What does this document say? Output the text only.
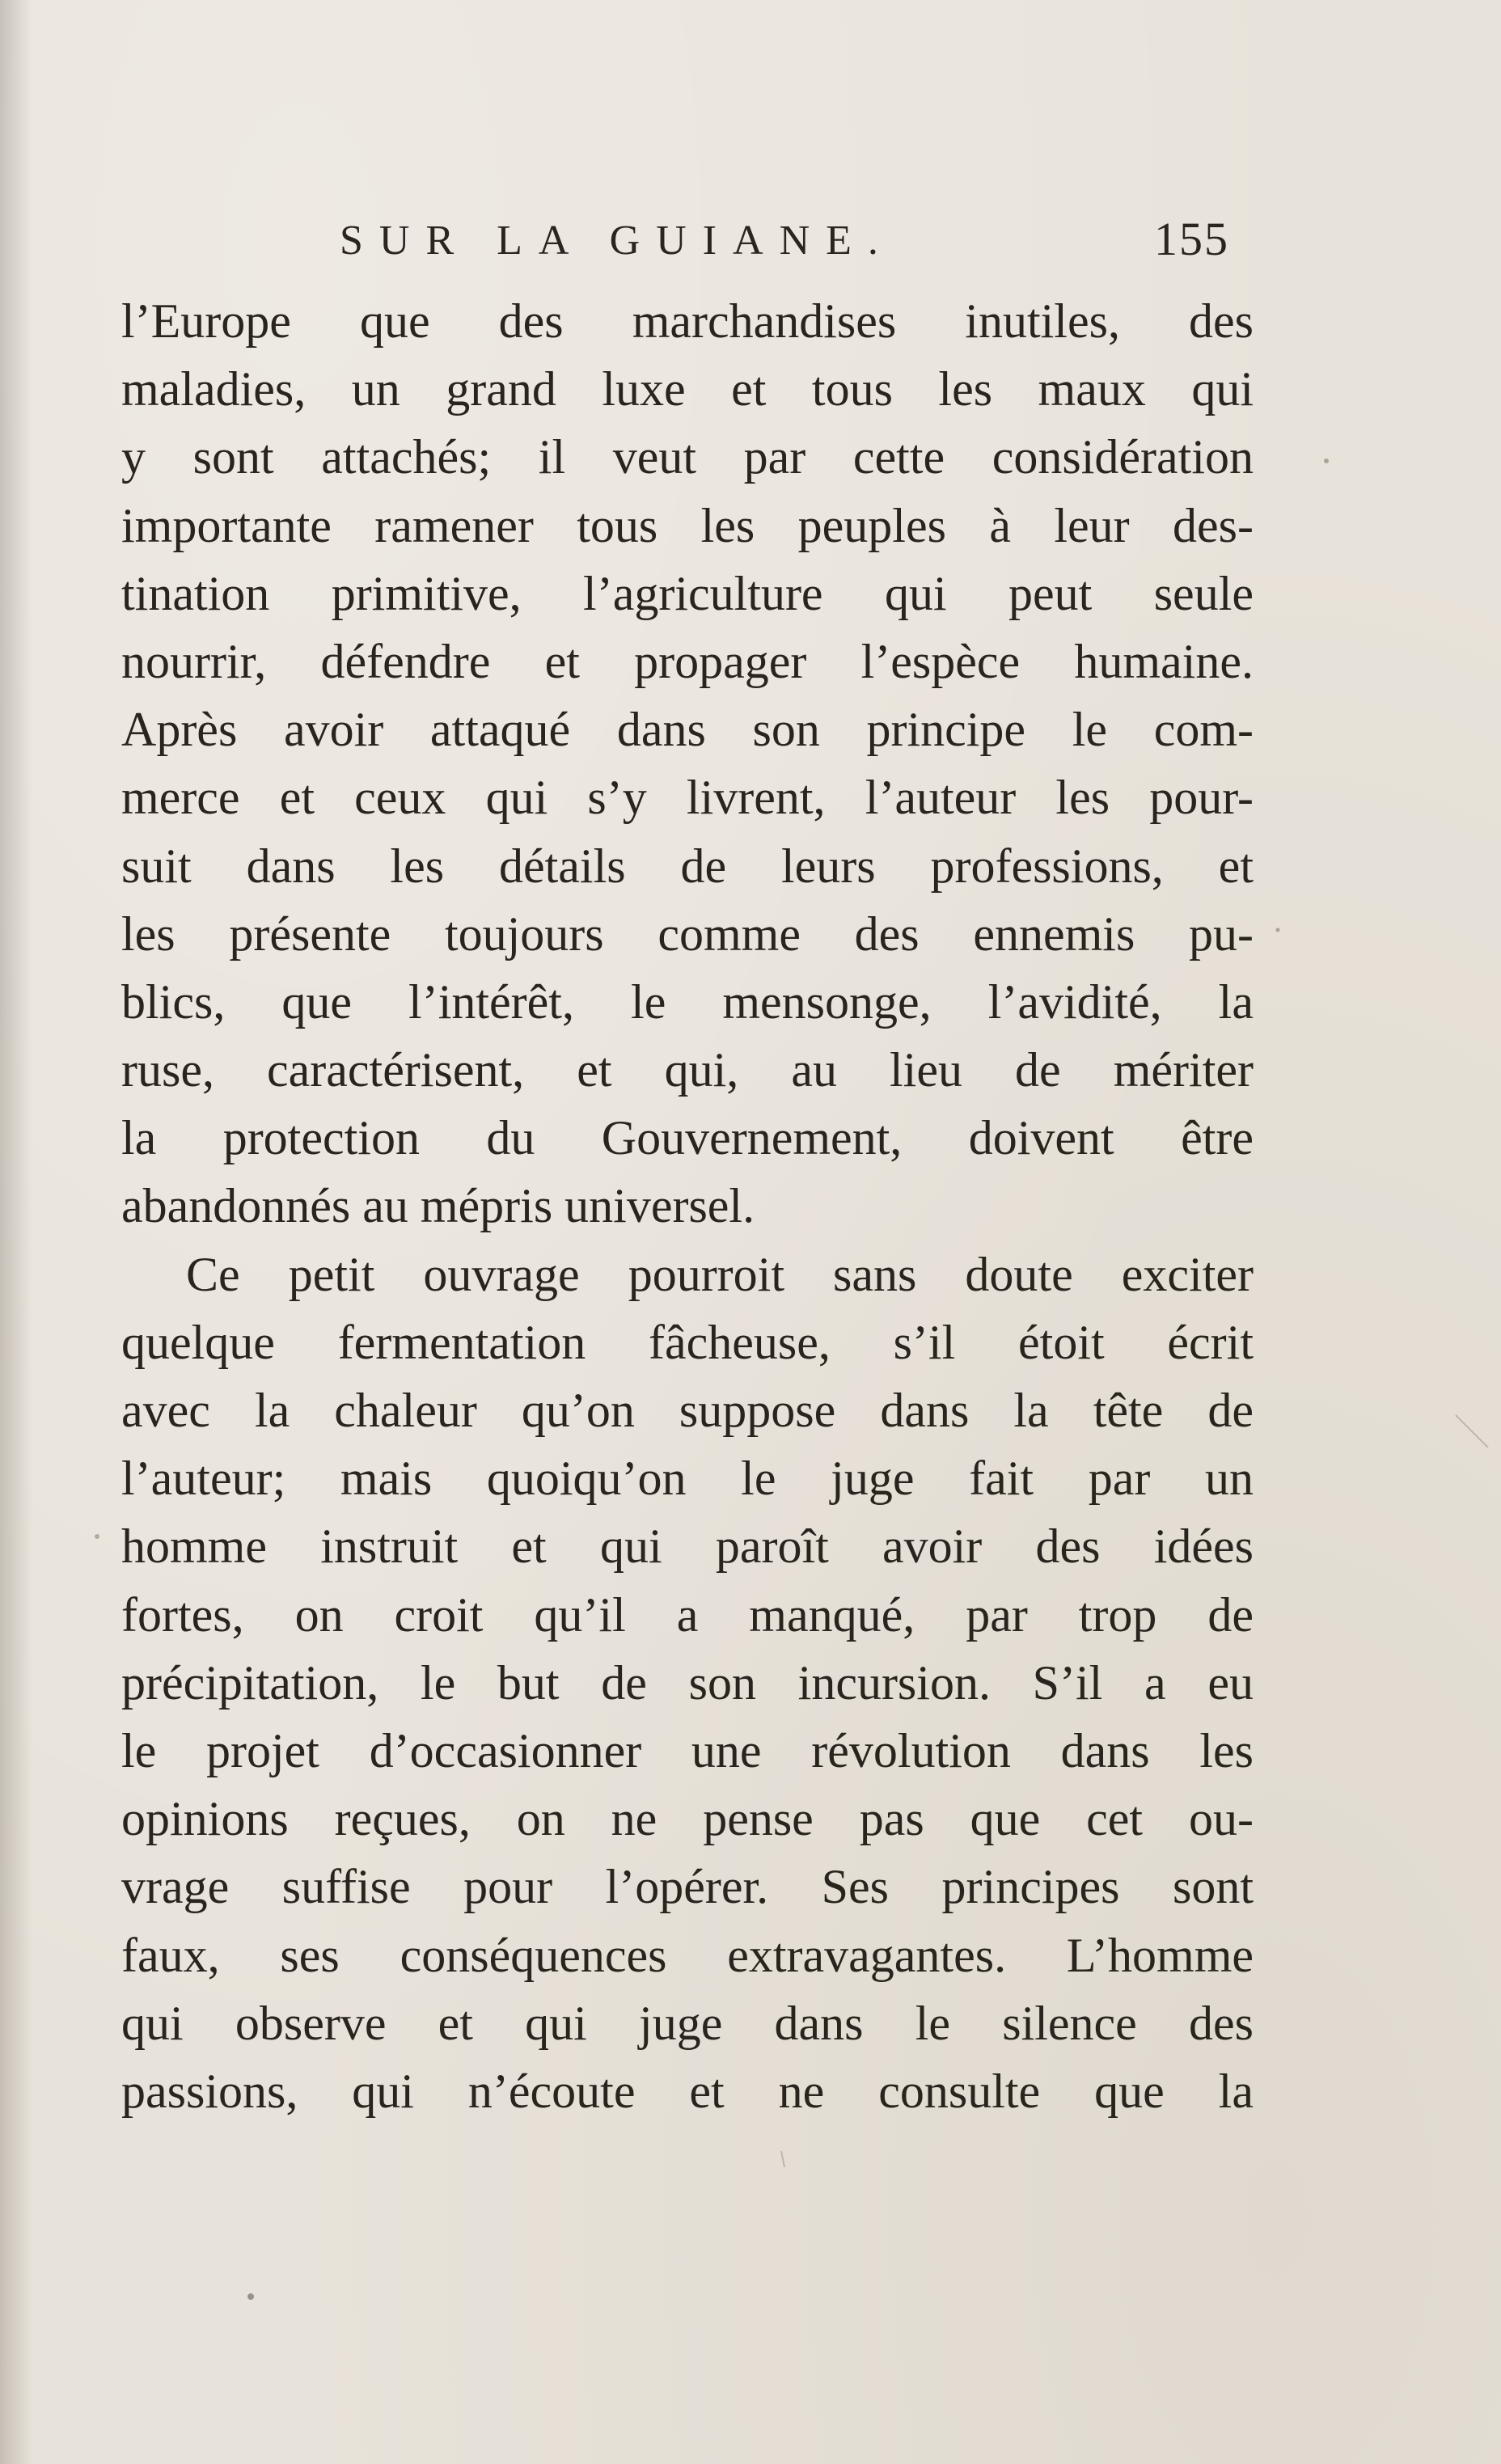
SUR LA GUIANE.	155
l’Europe que des marchandises inutiles, des
maladies, un grand luxe et tous les maux qui
y sont attachés; il veut par cette considération
importante ramener tous les peuples à leur des-
tination primitive, l’agriculture qui peut seule
nourrir, défendre et propager l’espèce humaine.
Après avoir attaqué dans son principe le com-
merce et ceux qui s’y livrent, l’auteur les pour-
suit dans les détails de leurs professions, et
les présente toujours comme des ennemis pu-
blics, que l’intérêt, le mensonge, l’avidité, la
ruse, caractérisent, et qui, au lieu de mériter
la protection du Gouvernement, doivent être
abandonnés au mépris universel.
Ce petit ouvrage pourroit sans doute exciter
quelque fermentation fâcheuse, s’il étoit écrit
avec la chaleur qu’on suppose dans la tête de
l’auteur; mais quoiqu’on le juge fait par un
homme instruit et qui paroît avoir des idées
fortes, on croit qu’il a manqué, par trop de
précipitation, le but de son incursion. S’il a eu
le projet d’occasionner une révolution dans les
opinions reçues, on ne pense pas que cet ou-
vrage suffise pour l’opérer. Ses principes sont
faux, ses conséquences extravagantes. L’homme
qui observe et qui juge dans le silence des
passions, qui n’écoute et ne consulte que la
